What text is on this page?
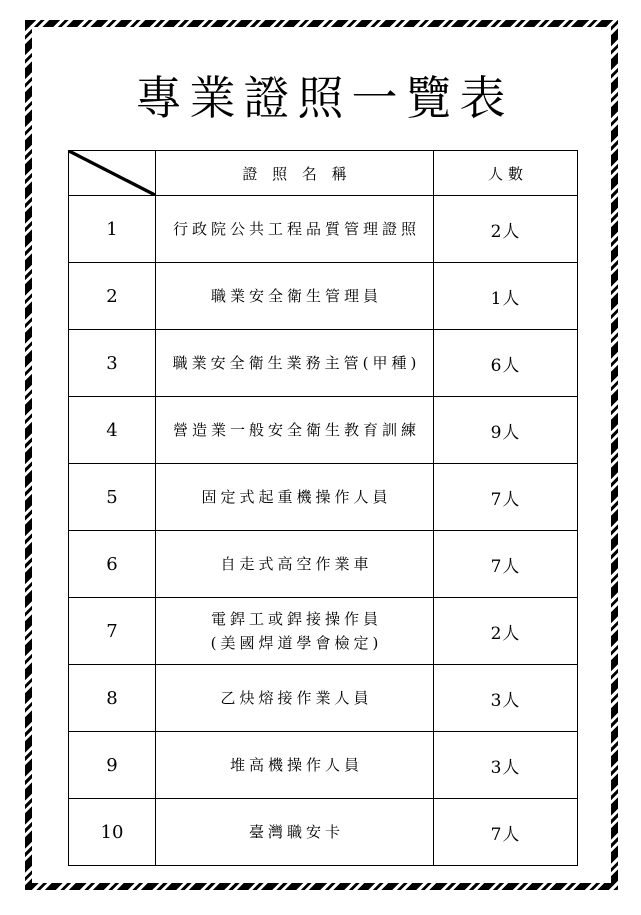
專業證照一覽表
	證 照 名 稱	人數
1	行政院公共工程品質管理證照	2人
2	職業安全衛生管理員	1人
3	職業安全衛生業務主管(甲種)	6人
4	營造業一般安全衛生教育訓練	9人
5	固定式起重機操作人員	7人
6	自走式高空作業車	7人
7	電銲工或銲接操作員
(美國焊道學會檢定)	2人
8	乙炔熔接作業人員	3人
9	堆高機操作人員	3人
10	臺灣職安卡	7人
